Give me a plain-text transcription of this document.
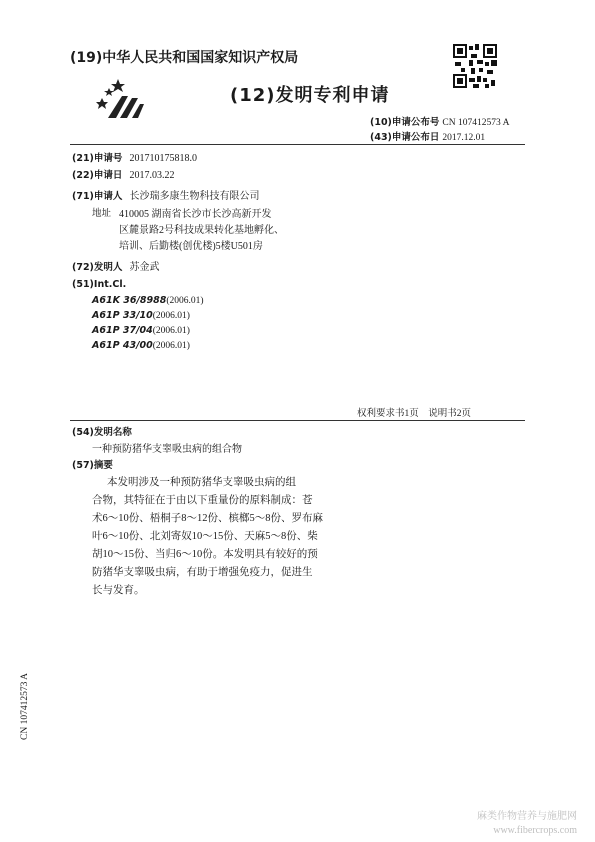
(19)中华人民共和国国家知识产权局
(12)发明专利申请
(10)申请公布号 CN 107412573 A
(43)申请公布日 2017.12.01
(21)申请号 201710175818.0
(22)申请日 2017.03.22
(71)申请人 长沙瑞多康生物科技有限公司
地址 410005 湖南省长沙市长沙高新开发
区麓景路2号科技成果转化基地孵化、
培训、后勤楼(创优楼)5楼U501房
(72)发明人 苏金武
(51)Int.Cl.
A61K 36/8988(2006.01)
A61P 33/10(2006.01)
A61P 37/04(2006.01)
A61P 43/00(2006.01)
权利要求书1页　说明书2页
(54)发明名称
一种预防猪华支睾吸虫病的组合物
(57)摘要
本发明涉及一种预防猪华支睾吸虫病的组
合物，其特征在于由以下重量份的原料制成：苍
术6～10份、梧桐子8～12份、槟榔5～8份、罗布麻
叶6～10份、北刘寄奴10～15份、天麻5～8份、柴
胡10～15份、当归6～10份。本发明具有较好的预
防猪华支睾吸虫病，有助于增强免疫力，促进生
长与发育。
CN 107412573 A
麻类作物营养与施肥网
www.fibercrops.com
